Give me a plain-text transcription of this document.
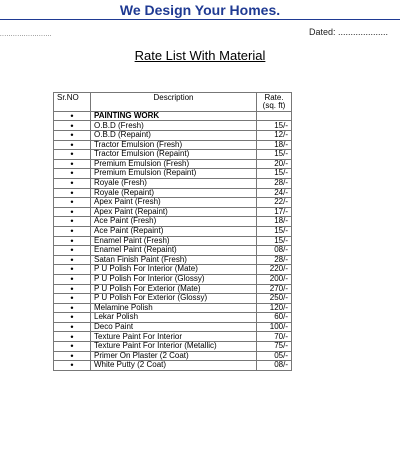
We Design Your Homes.
........................	Dated: ....................
Rate List With Material
Sr.NO	Description	Rate.
(sq. ft)
•	PAINTING WORK	
•	O.B.D (Fresh)	15/-
•	O.B.D (Repaint)	12/-
•	Tractor Emulsion (Fresh)	18/-
•	Tractor Emulsion (Repaint)	15/-
•	Premium Emulsion (Fresh)	20/-
•	Premium Emulsion (Repaint)	15/-
•	Royale (Fresh)	28/-
•	Royale (Repaint)	24/-
•	Apex Paint (Fresh)	22/-
•	Apex Paint (Repaint)	17/-
•	Ace Paint (Fresh)	18/-
•	Ace Paint (Repaint)	15/-
•	Enamel Paint (Fresh)	15/-
•	Enamel Paint (Repaint)	08/-
•	Satan Finish Paint (Fresh)	28/-
•	P U Polish For Interior (Mate)	220/-
•	P U Polish For Interior (Glossy)	200/-
•	P U Polish For Exterior (Mate)	270/-
•	P U Polish For Exterior (Glossy)	250/-
•	Melamine Polish	120/-
•	Lekar Polish	60/-
•	Deco Paint	100/-
•	Texture Paint For Interior	70/-
•	Texture Paint For Interior (Metallic)	75/-
•	Primer On Plaster (2 Coat)	05/-
•	White Putty (2 Coat)	08/-
